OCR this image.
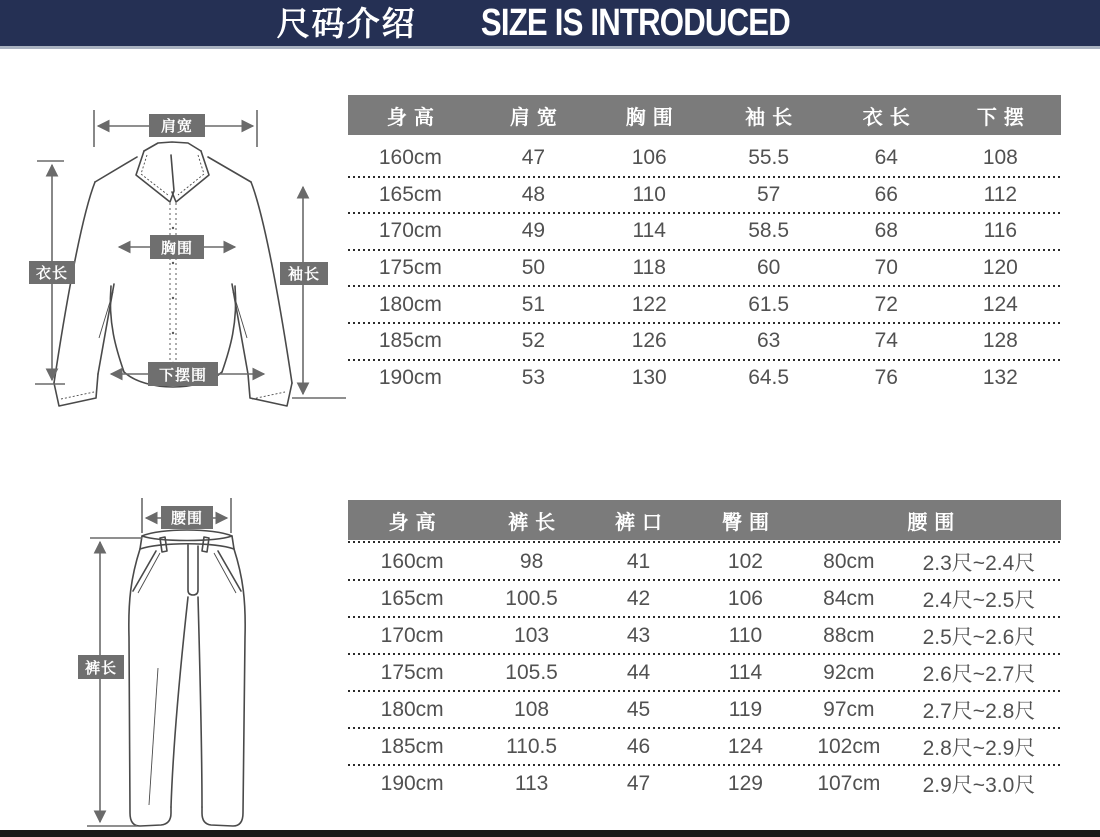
尺码介绍 SIZE IS INTRODUCED
肩宽
衣长	袖长
胸围
下摆围
腰围
裤长
身高	肩宽	胸围	袖长	衣长	下摆
160cm	47	106	55.5	64	108
165cm	48	110	57	66	112
170cm	49	114	58.5	68	116
175cm	50	118	60	70	120
180cm	51	122	61.5	72	124
185cm	52	126	63	74	128
190cm	53	130	64.5	76	132
身高	裤长	裤口	臀围	腰围
160cm	98	41	102	80cm	2.3尺~2.4尺
165cm	100.5	42	106	84cm	2.4尺~2.5尺
170cm	103	43	110	88cm	2.5尺~2.6尺
175cm	105.5	44	114	92cm	2.6尺~2.7尺
180cm	108	45	119	97cm	2.7尺~2.8尺
185cm	110.5	46	124	102cm	2.8尺~2.9尺
190cm	113	47	129	107cm	2.9尺~3.0尺
